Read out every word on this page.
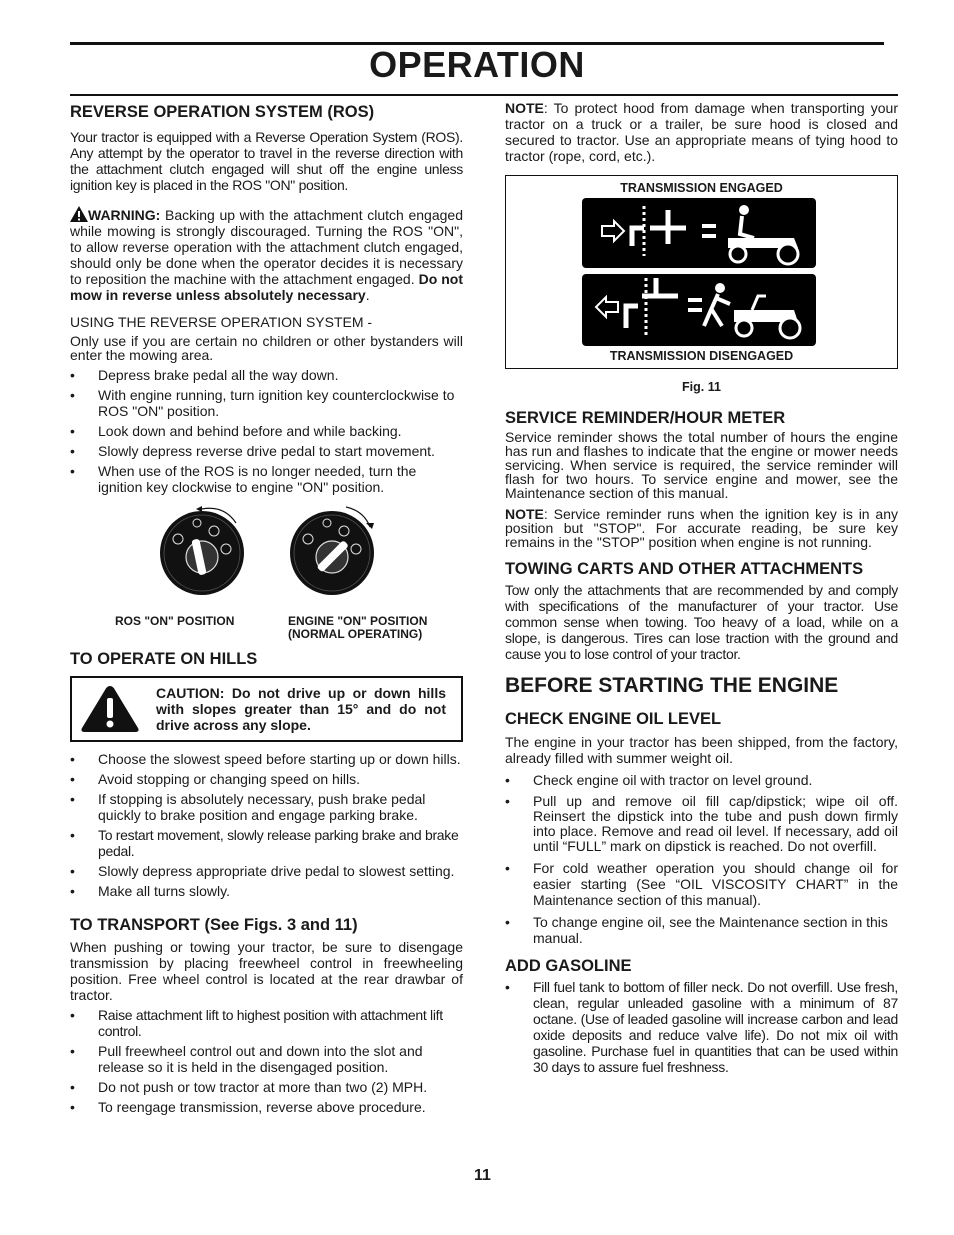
OPERATION
REVERSE OPERATION SYSTEM (ROS)

Your tractor is equipped with a Reverse Operation System (ROS). Any attempt by the operator to travel in the reverse direction with the attachment clutch engaged will shut off the engine unless ignition key is placed in the ROS "ON" position.

WARNING: Backing up with the attachment clutch engaged while mowing is strongly discouraged. Turning the ROS "ON", to allow reverse operation with the attachment clutch engaged, should only be done when the operator decides it is necessary to reposition the machine with the attachment engaged. Do not mow in reverse unless absolutely necessary.

USING THE REVERSE OPERATION SYSTEM -

Only use if you are certain no children or other bystanders will enter the mowing area.

• Depress brake pedal all the way down.
• With engine running, turn ignition key counterclockwise to ROS "ON" position.
• Look down and behind before and while backing.
• Slowly depress reverse drive pedal to start movement.
• When use of the ROS is no longer needed, turn the ignition key clockwise to engine "ON" position.
ROS "ON" POSITION	ENGINE "ON" POSITION
(NORMAL OPERATING)
TO OPERATE ON HILLS
CAUTION: Do not drive up or down hills with slopes greater than 15° and do not drive across any slope.
• Choose the slowest speed before starting up or down hills.
• Avoid stopping or changing speed on hills.
• If stopping is absolutely necessary, push brake pedal quickly to brake position and engage parking brake.
• To restart movement, slowly release parking brake and brake pedal.
• Slowly depress appropriate drive pedal to slowest setting.
• Make all turns slowly.
TO TRANSPORT (See Figs. 3 and 11)

When pushing or towing your tractor, be sure to disengage transmission by placing freewheel control in freewheeling position. Free wheel control is located at the rear drawbar of tractor.

• Raise attachment lift to highest position with attachment lift control.
• Pull freewheel control out and down into the slot and release so it is held in the disengaged position.
• Do not push or tow tractor at more than two (2) MPH.
• To reengage transmission, reverse above procedure.

NOTE: To protect hood from damage when transporting your tractor on a truck or a trailer, be sure hood is closed and secured to tractor. Use an appropriate means of tying hood to tractor (rope, cord, etc.).

TRANSMISSION ENGAGED
TRANSMISSION DISENGAGED
Fig. 11
SERVICE REMINDER/HOUR METER

Service reminder shows the total number of hours the engine has run and flashes to indicate that the engine or mower needs servicing. When service is required, the service reminder will flash for two hours. To service engine and mower, see the Maintenance section of this manual.

NOTE: Service reminder runs when the ignition key is in any position but "STOP". For accurate reading, be sure key remains in the "STOP" position when engine is not running.

TOWING CARTS AND OTHER ATTACHMENTS

Tow only the attachments that are recommended by and comply with specifications of the manufacturer of your tractor. Use common sense when towing. Too heavy of a load, while on a slope, is dangerous. Tires can lose traction with the ground and cause you to lose control of your tractor.

BEFORE STARTING THE ENGINE
CHECK ENGINE OIL LEVEL

The engine in your tractor has been shipped, from the factory, already filled with summer weight oil.

• Check engine oil with tractor on level ground.
• Pull up and remove oil fill cap/dipstick; wipe oil off. Reinsert the dipstick into the tube and push down firmly into place. Remove and read oil level. If necessary, add oil until “FULL” mark on dipstick is reached. Do not overfill.
• For cold weather operation you should change oil for easier starting (See “OIL VISCOSITY CHART” in the Maintenance section of this manual).
• To change engine oil, see the Maintenance section in this manual.
ADD GASOLINE
• Fill fuel tank to bottom of filler neck. Do not overfill. Use fresh, clean, regular unleaded gasoline with a minimum of 87 octane. (Use of leaded gasoline will increase carbon and lead oxide deposits and reduce valve life). Do not mix oil with gasoline. Purchase fuel in quantities that can be used within 30 days to assure fuel freshness.
11
